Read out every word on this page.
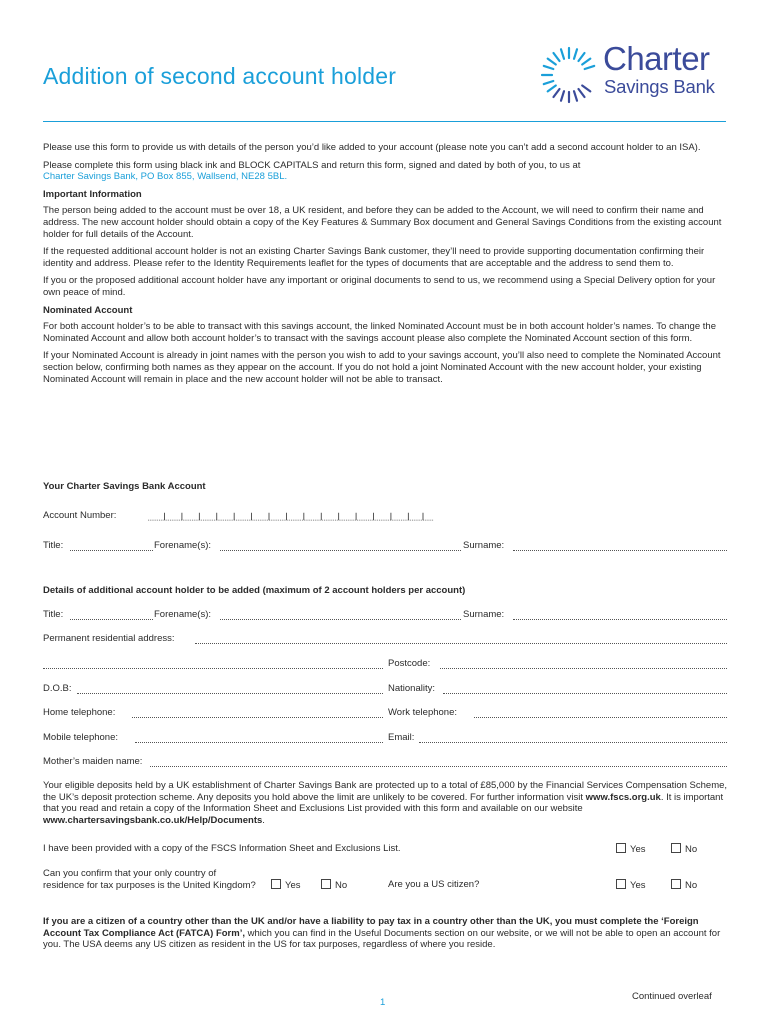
Addition of second account holder	Charter
Savings Bank

Please use this form to provide us with details of the person you’d like added to your account (please note you can’t add a second account holder to an ISA).

Please complete this form using black ink and BLOCK CAPITALS and return this form, signed and dated by both of you, to us at
Charter Savings Bank, PO Box 855, Wallsend, NE28 5BL.

Important Information

The person being added to the account must be over 18, a UK resident, and before they can be added to the Account, we will need to confirm their name and address. The new account holder should obtain a copy of the Key Features & Summary Box document and General Savings Conditions from the existing account holder for full details of the Account.

If the requested additional account holder is not an existing Charter Savings Bank customer, they’ll need to provide supporting documentation confirming their identity and address. Please refer to the Identity Requirements leaflet for the types of documents that are acceptable and the address to send them to.

If you or the proposed additional account holder have any important or original documents to send to us, we recommend using a Special Delivery option for your own peace of mind.

Nominated Account

For both account holder’s to be able to transact with this savings account, the linked Nominated Account must be in both account holder’s names. To change the Nominated Account and allow both account holder’s to transact with the savings account please also complete the Nominated Account section of this form.

If your Nominated Account is already in joint names with the person you wish to add to your savings account, you’ll also need to complete the Nominated Account section below, confirming both names as they appear on the account. If you do not hold a joint Nominated Account with the new account holder, your existing Nominated Account will remain in place and the new account holder will not be able to transact.

Your Charter Savings Bank Account
Account Number:
Title:	Forename(s):	Surname:
Details of additional account holder to be added (maximum of 2 account holders per account)
Title:	Forename(s):	Surname:
Permanent residential address:
Postcode:
D.O.B:	Nationality:
Home telephone:	Work telephone:
Mobile telephone:	Email:
Mother’s maiden name:
Your eligible deposits held by a UK establishment of Charter Savings Bank are protected up to a total of £85,000 by the Financial Services Compensation Scheme, the UK’s deposit protection scheme. Any deposits you hold above the limit are unlikely to be covered. For further information visit www.fscs.org.uk. It is important that you read and retain a copy of the Information Sheet and Exclusions List provided with this form and available on our website www.chartersavingsbank.co.uk/Help/Documents.
I have been provided with a copy of the FSCS Information Sheet and Exclusions List.	Yes	No
Can you confirm that your only country of residence for tax purposes is the United Kingdom?	Yes	No	Are you a US citizen?	Yes	No
If you are a citizen of a country other than the UK and/or have a liability to pay tax in a country other than the UK, you must complete the ‘Foreign Account Tax Compliance Act (FATCA) Form’, which you can find in the Useful Documents section on our website, or we will not be able to open an account for you. The USA deems any US citizen as resident in the US for tax purposes, regardless of where you reside.
Continued overleaf
1
